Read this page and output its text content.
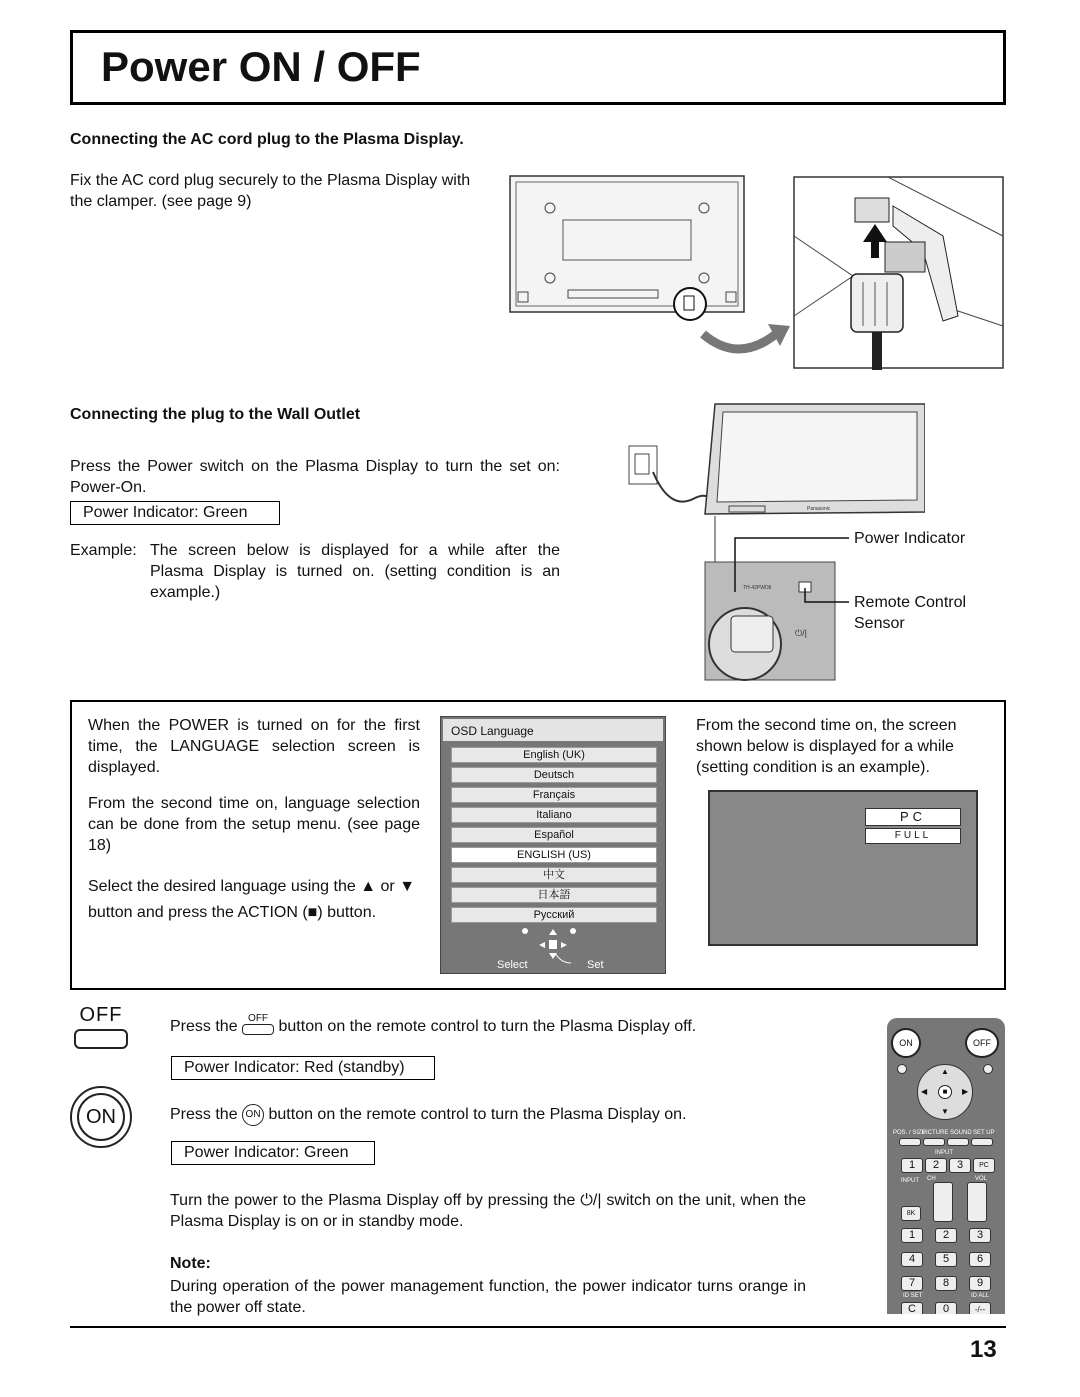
Power ON / OFF
Connecting the AC cord plug to the Plasma Display.
Fix the AC cord plug securely to the Plasma Display with the clamper. (see page 9)
Connecting the plug to the Wall Outlet
Press the Power switch on the Plasma Display to turn the set on: Power-On.
Power Indicator: Green
Example: The screen below is displayed for a while after the Plasma Display is turned on. (setting condition is an example.)
Panasonic
TH-42PWD8
⏻/|
Power Indicator
Remote Control
Sensor
When the POWER is turned on for the first time, the LANGUAGE selection screen is displayed.
From the second time on, language selection can be done from the setup menu. (see page 18)
Select the desired language using the ▲ or ▼
button and press the ACTION (■) button.
OSD Language
English (UK)
Deutsch
Français
Italiano
Español
ENGLISH (US)
中文
日本語
Русский
Select	Set
From the second time on, the screen shown below is displayed for a while (setting condition is an example).
PC
FULL
OFF
Press the	OFF button on the remote control to turn the Plasma Display off.
Power Indicator: Red (standby)
ON	Press the ON button on the remote control to turn the Plasma Display on.
Power Indicator: Green
Turn the power to the Plasma Display off by pressing the ⏻/| switch on the unit, when the Plasma Display is on or in standby mode.
Note:
During operation of the power management function, the power indicator turns orange in the power off state.
ON	OFF
■
▲
▼
◀	▶
POS. / SIZE
PICTURE SOUND SET UP
INPUT
1	2	3	PC
CH	VOL
INPUT
8K
1	2	3
4	5	6
7	8	9
ID SET	ID ALL
C	0	-/--
13
